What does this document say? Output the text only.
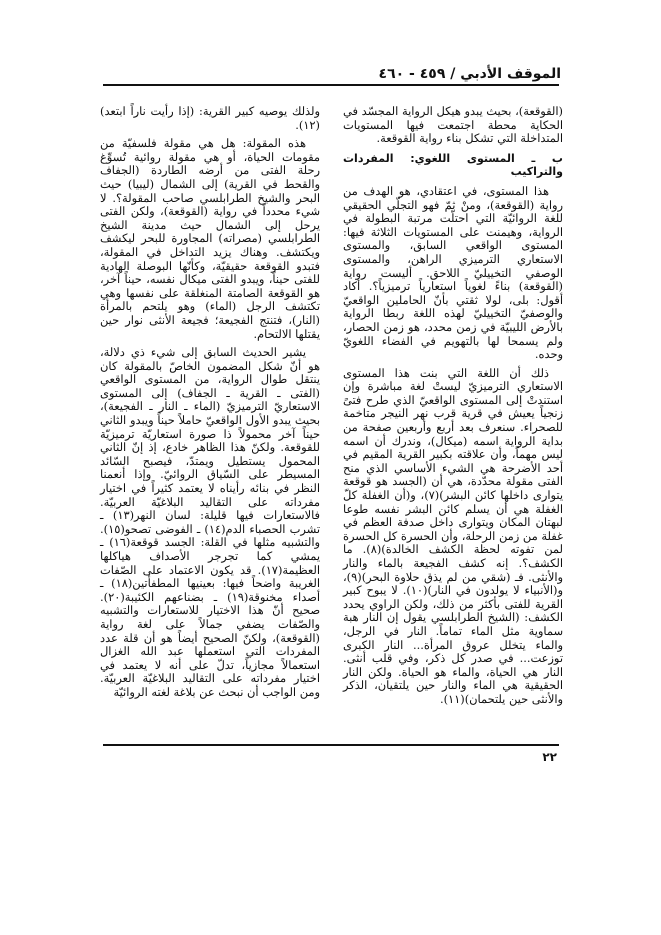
الموقف الأدبي / ٤٥٩ - ٤٦٠

(القوقعة)، بحيث يبدو هيكل الرواية المجسّد في الحكاية محطة اجتمعت فيها المستويات المتداخلة التي تشكل بناء رواية القوقعة.

ب ـ المستوى اللغوي: المفردات والتراكيب

هذا المستوى، في اعتقادي، هو الهدف من رواية (القوقعة)، ومنْ ثمّ فهو التجلّي الحقيقي للغة الروائيّة التي احتلّت مرتبة البطولة في الرواية، وهيمنت على المستويات الثلاثة فيها: المستوى الواقعي السابق، والمستوى الاستعاري الترميزي الراهن، والمستوى الوصفي التخييليّ اللاحق. أليست رواية (القوقعة) بناءً لغوياً استعارياً ترميزياً؟. أكاد أقول: بلى، لولا ثقتي بأنّ الحاملين الواقعيّ والوصفيّ التخييليّ لهذه اللغة ربطا الرواية بالأرض الليبيّة في زمن محدد، هو زمن الحصار، ولم يسمحا لها بالتهويم في الفضاء اللغويّ وحده.

ذلك أن اللغة التي بنت هذا المستوى الاستعاري الترميزيّ ليستْ لغة مباشرة وإن استندتْ إلى المستوى الواقعيّ الذي طرح فتىً زنجياً يعيش في قرية قرب نهر النيجر متاخمة للصحراء. سنعرف بعد أربع وأربعين صفحة من بداية الرواية اسمه (ميكال)، وندرك أن اسمه ليس مهماً، وأن علاقته بكبير القرية المقيم في أحد الأضرحة هي الشيء الأساسي الذي منح الفتى مقولة محدّدة، هي أن (الجسد هو قوقعة يتوارى داخلها كائن البشر)(٧)، و(أن الغفلة كلّ الغفلة هي أن يسلم كائن البشر نفسه طوعا لبهتان المكان ويتوارى داخل صدفة العظم في غفلة من زمن الرحلة، وأن الحسرة كل الحسرة لمن تفوته لحظة الكشف الخالدة)(٨). ما الكشف؟. إنه كشف الفجيعة بالماء والنار والأنثى. فـ (شقي من لم يذق حلاوة البحر)(٩)، و(الأنبياء لا يولدون في النار)(١٠). لا يبوح كبير القرية للفتى بأكثر من ذلك، ولكن الراوي يحدد الكشف: (الشيخ الطرابلسي يقول إن النار هبة سماوية مثل الماء تماماً. النار في الرجل، والماء يتخلل عروق المرأة... النار الكبرى توزعت... في صدر كل ذكر، وفي قلب أنثى. النار هي الحياة، والماء هو الحياة. ولكن النار الحقيقية هي الماء والنار حين يلتقيان، الذكر والأنثى حين يلتحمان)(١١).

ولذلك يوصيه كبير القرية: (إذا رأيت ناراً ابتعد)(١٢).

هذه المقولة: هل هي مقولة فلسفيّة من مقومات الحياة، أو هي مقولة روائية تُسوِّغ رحلة الفتى من أرضه الطاردة (الجفاف والقحط في القرية) إلى الشمال (ليبيا) حيث البحر والشيخ الطرابلسي صاحب المقولة؟. لا شيء محدداً في رواية (القوقعة)، ولكن الفتى يرحل إلى الشمال حيث مدينة الشيخ الطرابلسي (مصراته) المجاورة للبحر ليكشف ويكتشف. وهناك يزيد التداخل في المقولة، فتبدو القوقعة حقيقيّة، وكأنّها البوصلة الهادية للفتى حيناً، ويبدو الفتى ميكال نفسه، حيناً آخر، هو القوقعة الصامتة المنغلقة على نفسها وهي تكتشف الرجل (الماء) وهو يلتحم بالمرأة (النار)، فتنتج الفجيعة؛ فجيعة الأنثى نوار حين يقتلها الالتحام.

يشير الحديث السابق إلى شيء ذي دلالة، هو أنّ شكل المضمون الخاصّ بالمقولة كان ينتقل طوال الرواية، من المستوى الواقعي (الفتى ـ القرية ـ الجفاف) إلى المستوى الاستعاريّ الترميزيّ (الماء ـ النار ـ الفجيعة)، بحيث يبدو الأول الواقعيّ حاملاً حيناً ويبدو الثاني حيناً آخر محمولاً ذا صورة استعاريّة ترميزيّة للقوقعة. ولكنّ هذا الظاهر خادع، إذ إنّ الثاني المحمول يستطيل ويمتدّ، فيصبح السّائد المسيطر على السّياق الروائيّ. وإذا أنعمنا النظر في بنائه رأيناه لا يعتمد كثيراً في اختيار مفرداته على التقاليد البلاغيّة العربيّة. فالاستعارات فيها قليلة: لسان النهر(١٣) ـ تشرب الحصباء الدم(١٤) ـ الفوضى تصحو(١٥). والتشبيه مثلها في القلة: الجسد قوقعة(١٦) ـ يمشي كما تجرجر الأصداف هياكلها العظيمة(١٧). قد يكون الاعتماد على الصّفات الغريبة واضحاً فيها: بعينيها المطفأتين(١٨) ـ أصداء مخنوقة(١٩) ـ بضناعهم الكئيبة(٢٠). صحيح أنّ هذا الاختيار للاستعارات والتشبيه والصّفات يضفي جمالاً على لغة رواية (القوقعة)، ولكنّ الصحيح أيضاً هو أن قلة عدد المفردات التي استعملها عبد الله الغزال استعمالاً مجازياً، تدلّ على أنه لا يعتمد في اختيار مفرداته على التقاليد البلاغيّة العربيّة. ومن الواجب أن نبحث عن بلاغة لغته الروائيّة

٢٢
